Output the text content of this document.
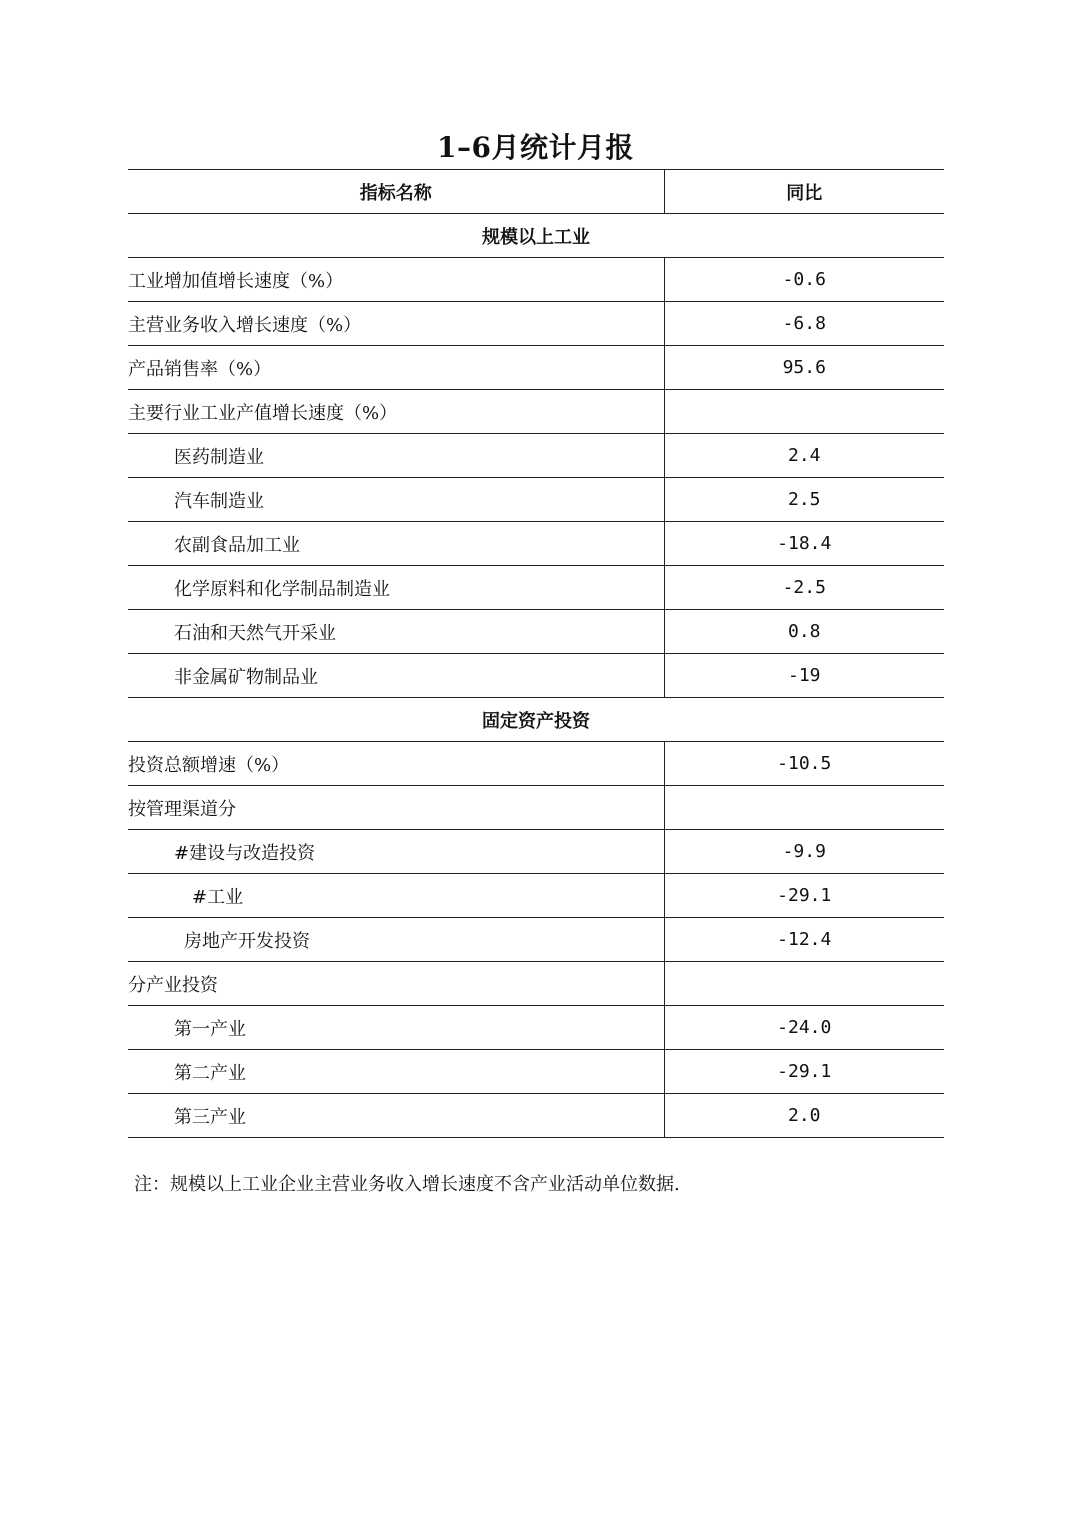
1–6月统计月报
指标名称	同比
规模以上工业	
工业增加值增长速度（%）	-0.6
主营业务收入增长速度（%）	-6.8
产品销售率（%）	95.6
主要行业工业产值增长速度（%）	
医药制造业	2.4
汽车制造业	2.5
农副食品加工业	-18.4
化学原料和化学制品制造业	-2.5
石油和天然气开采业	0.8
非金属矿物制品业	-19
固定资产投资	
投资总额增速（%）	-10.5
按管理渠道分	
#建设与改造投资	-9.9
#工业	-29.1
房地产开发投资	-12.4
分产业投资	
第一产业	-24.0
第二产业	-29.1
第三产业	2.0
注：规模以上工业企业主营业务收入增长速度不含产业活动单位数据.
